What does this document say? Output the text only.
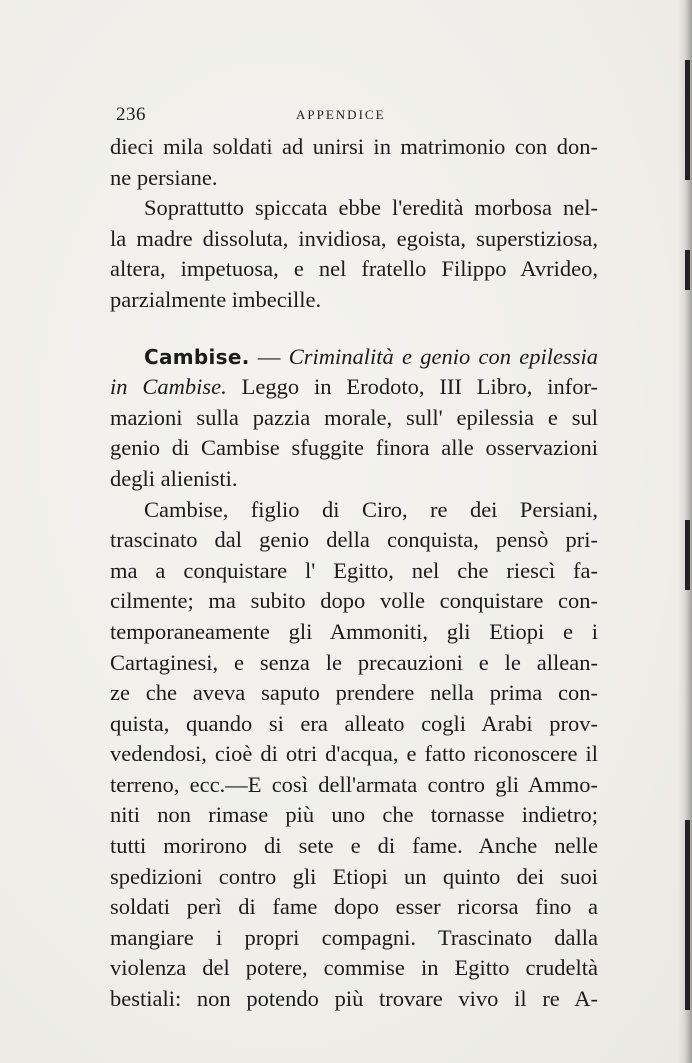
236	APPENDICE
dieci mila soldati ad unirsi in matrimonio con don-
ne persiane.
Soprattutto spiccata ebbe l'eredità morbosa nel-
la madre dissoluta, invidiosa, egoista, superstiziosa,
altera, impetuosa, e nel fratello Filippo Avrideo,
parzialmente imbecille.
Cambise. — Criminalità e genio con epilessia
in Cambise. Leggo in Erodoto, III Libro, infor-
mazioni sulla pazzia morale, sull' epilessia e sul
genio di Cambise sfuggite finora alle osservazioni
degli alienisti.
Cambise, figlio di Ciro, re dei Persiani,
trascinato dal genio della conquista, pensò pri-
ma a conquistare l' Egitto, nel che riescì fa-
cilmente; ma subito dopo volle conquistare con-
temporaneamente gli Ammoniti, gli Etiopi e i
Cartaginesi, e senza le precauzioni e le allean-
ze che aveva saputo prendere nella prima con-
quista, quando si era alleato cogli Arabi prov-
vedendosi, cioè di otri d'acqua, e fatto riconoscere il
terreno, ecc.—E così dell'armata contro gli Ammo-
niti non rimase più uno che tornasse indietro;
tutti morirono di sete e di fame. Anche nelle
spedizioni contro gli Etiopi un quinto dei suoi
soldati perì di fame dopo esser ricorsa fino a
mangiare i propri compagni. Trascinato dalla
violenza del potere, commise in Egitto crudeltà
bestiali: non potendo più trovare vivo il re A-
